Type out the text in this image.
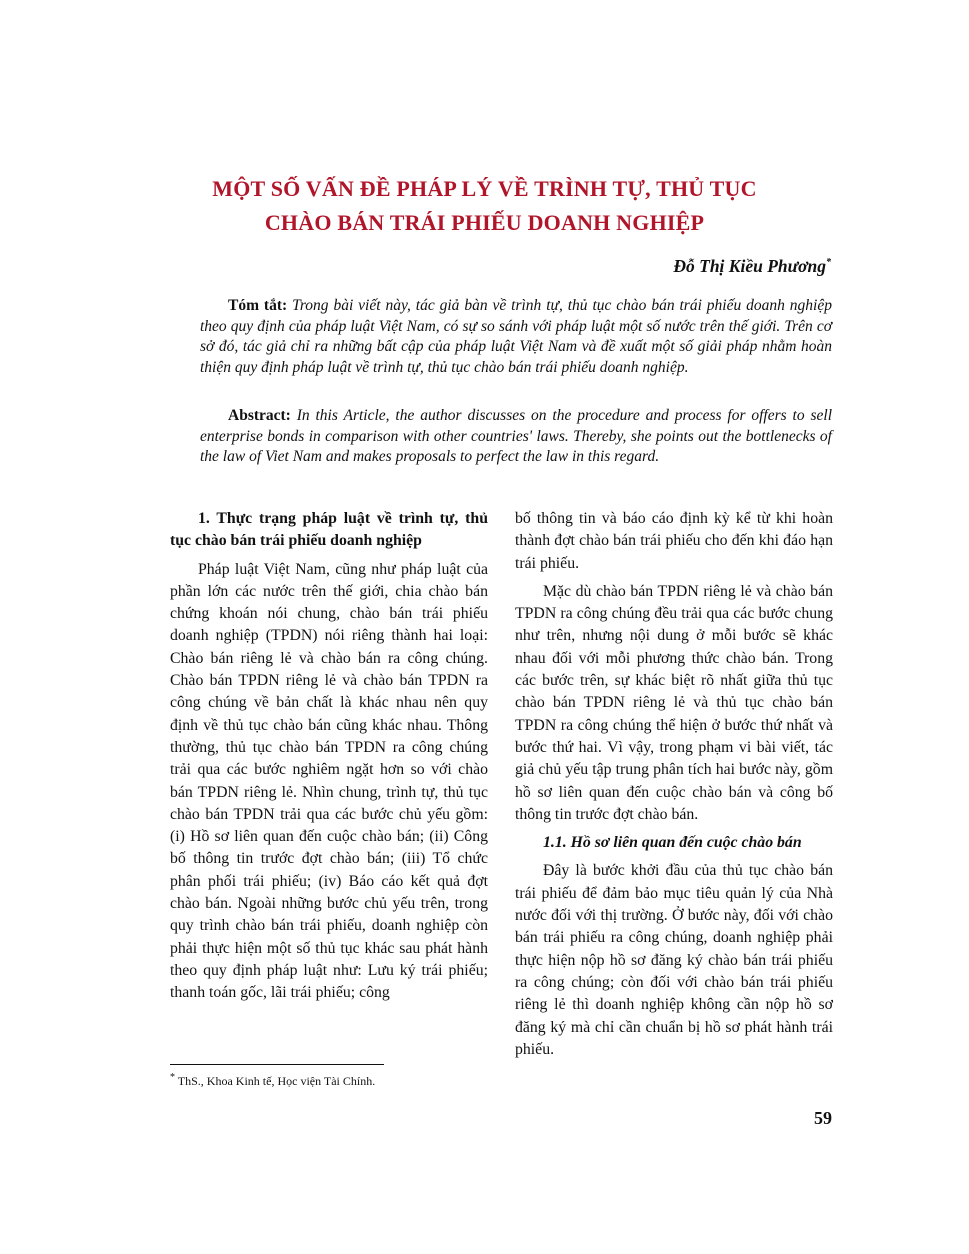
MỘT SỐ VẤN ĐỀ PHÁP LÝ VỀ TRÌNH TỰ, THỦ TỤC
CHÀO BÁN TRÁI PHIẾU DOANH NGHIỆP
Đỗ Thị Kiều Phương*
Tóm tắt: Trong bài viết này, tác giả bàn về trình tự, thủ tục chào bán trái phiếu doanh nghiệp theo quy định của pháp luật Việt Nam, có sự so sánh với pháp luật một số nước trên thế giới. Trên cơ sở đó, tác giả chỉ ra những bất cập của pháp luật Việt Nam và đề xuất một số giải pháp nhằm hoàn thiện quy định pháp luật về trình tự, thủ tục chào bán trái phiếu doanh nghiệp.
Abstract: In this Article, the author discusses on the procedure and process for offers to sell enterprise bonds in comparison with other countries' laws. Thereby, she points out the bottlenecks of the law of Viet Nam and makes proposals to perfect the law in this regard.

1. Thực trạng pháp luật về trình tự, thủ tục chào bán trái phiếu doanh nghiệp

Pháp luật Việt Nam, cũng như pháp luật của phần lớn các nước trên thế giới, chia chào bán chứng khoán nói chung, chào bán trái phiếu doanh nghiệp (TPDN) nói riêng thành hai loại: Chào bán riêng lẻ và chào bán ra công chúng. Chào bán TPDN riêng lẻ và chào bán TPDN ra công chúng về bản chất là khác nhau nên quy định về thủ tục chào bán cũng khác nhau. Thông thường, thủ tục chào bán TPDN ra công chúng trải qua các bước nghiêm ngặt hơn so với chào bán TPDN riêng lẻ. Nhìn chung, trình tự, thủ tục chào bán TPDN trải qua các bước chủ yếu gồm: (i) Hồ sơ liên quan đến cuộc chào bán; (ii) Công bố thông tin trước đợt chào bán; (iii) Tổ chức phân phối trái phiếu; (iv) Báo cáo kết quả đợt chào bán. Ngoài những bước chủ yếu trên, trong quy trình chào bán trái phiếu, doanh nghiệp còn phải thực hiện một số thủ tục khác sau phát hành theo quy định pháp luật như: Lưu ký trái phiếu; thanh toán gốc, lãi trái phiếu; công

bố thông tin và báo cáo định kỳ kể từ khi hoàn thành đợt chào bán trái phiếu cho đến khi đáo hạn trái phiếu.

Mặc dù chào bán TPDN riêng lẻ và chào bán TPDN ra công chúng đều trải qua các bước chung như trên, nhưng nội dung ở mỗi bước sẽ khác nhau đối với mỗi phương thức chào bán. Trong các bước trên, sự khác biệt rõ nhất giữa thủ tục chào bán TPDN riêng lẻ và thủ tục chào bán TPDN ra công chúng thể hiện ở bước thứ nhất và bước thứ hai. Vì vậy, trong phạm vi bài viết, tác giả chủ yếu tập trung phân tích hai bước này, gồm hồ sơ liên quan đến cuộc chào bán và công bố thông tin trước đợt chào bán.

1.1. Hồ sơ liên quan đến cuộc chào bán

Đây là bước khởi đầu của thủ tục chào bán trái phiếu để đảm bảo mục tiêu quản lý của Nhà nước đối với thị trường. Ở bước này, đối với chào bán trái phiếu ra công chúng, doanh nghiệp phải thực hiện nộp hồ sơ đăng ký chào bán trái phiếu ra công chúng; còn đối với chào bán trái phiếu riêng lẻ thì doanh nghiệp không cần nộp hồ sơ đăng ký mà chỉ cần chuẩn bị hồ sơ phát hành trái phiếu.

* ThS., Khoa Kinh tế, Học viện Tài Chính.
59
